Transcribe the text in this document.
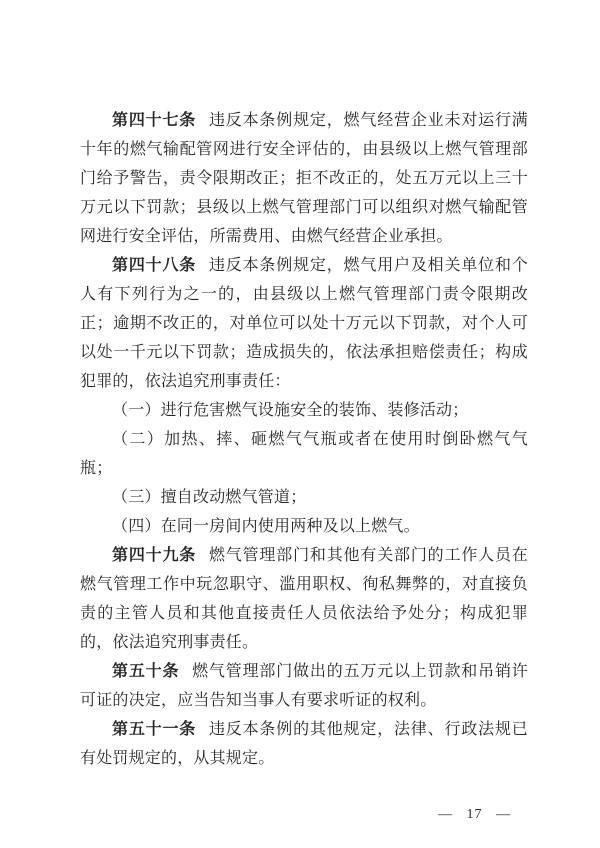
第四十七条 违反本条例规定，燃气经营企业未对运行满十年的燃气输配管网进行安全评估的，由县级以上燃气管理部门给予警告，责令限期改正；拒不改正的，处五万元以上三十万元以下罚款；县级以上燃气管理部门可以组织对燃气输配管网进行安全评估，所需费用、由燃气经营企业承担。

第四十八条 违反本条例规定，燃气用户及相关单位和个人有下列行为之一的，由县级以上燃气管理部门责令限期改正；逾期不改正的，对单位可以处十万元以下罚款，对个人可以处一千元以下罚款；造成损失的，依法承担赔偿责任；构成犯罪的，依法追究刑事责任：

（一）进行危害燃气设施安全的装饰、装修活动；

（二）加热、摔、砸燃气气瓶或者在使用时倒卧燃气气瓶；

（三）擅自改动燃气管道；

（四）在同一房间内使用两种及以上燃气。

第四十九条 燃气管理部门和其他有关部门的工作人员在燃气管理工作中玩忽职守、滥用职权、徇私舞弊的，对直接负责的主管人员和其他直接责任人员依法给予处分；构成犯罪的，依法追究刑事责任。

第五十条 燃气管理部门做出的五万元以上罚款和吊销许可证的决定，应当告知当事人有要求听证的权利。

第五十一条 违反本条例的其他规定，法律、行政法规已有处罚规定的，从其规定。

— 17 —
